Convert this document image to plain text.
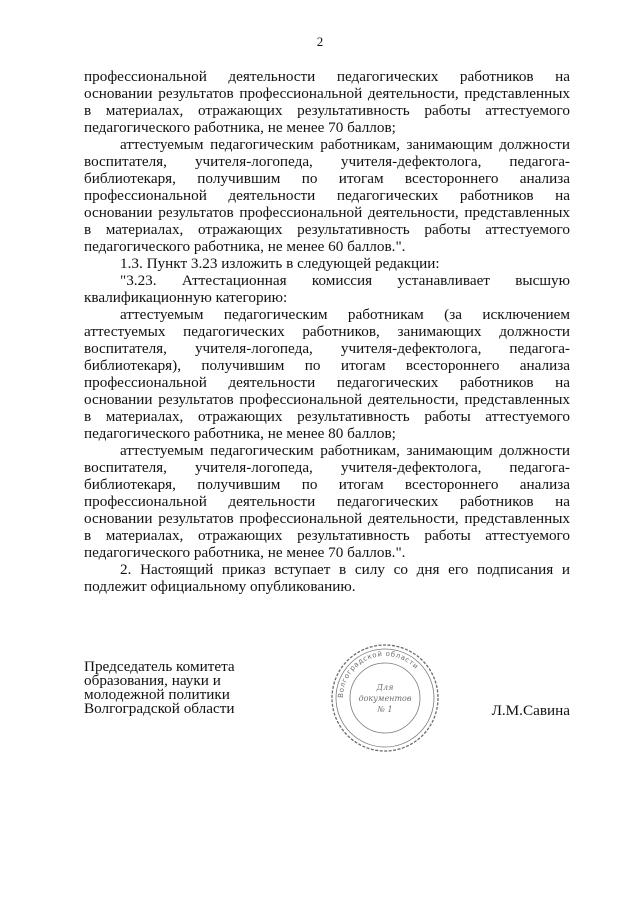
2

профессиональной деятельности педагогических работников на основании результатов профессиональной деятельности, представленных в материалах, отражающих результативность работы аттестуемого педагогического работника, не менее 70 баллов;

аттестуемым педагогическим работникам, занимающим должности воспитателя, учителя-логопеда, учителя-дефектолога, педагога-библиотекаря, получившим по итогам всестороннего анализа профессиональной деятельности педагогических работников на основании результатов профессиональной деятельности, представленных в материалах, отражающих результативность работы аттестуемого педагогического работника, не менее 60 баллов.".

1.3. Пункт 3.23 изложить в следующей редакции:

"3.23. Аттестационная комиссия устанавливает высшую квалификационную категорию:

аттестуемым педагогическим работникам (за исключением аттестуемых педагогических работников, занимающих должности воспитателя, учителя-логопеда, учителя-дефектолога, педагога-библиотекаря), получившим по итогам всестороннего анализа профессиональной деятельности педагогических работников на основании результатов профессиональной деятельности, представленных в материалах, отражающих результативность работы аттестуемого педагогического работника, не менее 80 баллов;

аттестуемым педагогическим работникам, занимающим должности воспитателя, учителя-логопеда, учителя-дефектолога, педагога-библиотекаря, получившим по итогам всестороннего анализа профессиональной деятельности педагогических работников на основании результатов профессиональной деятельности, представленных в материалах, отражающих результативность работы аттестуемого педагогического работника, не менее 70 баллов.".

2. Настоящий приказ вступает в силу со дня его подписания и подлежит официальному опубликованию.

Председатель комитета
образования, науки и
молодежной политики
Волгоградской области
Волгоградской области
Для
документов
№ 1	Л.М.Савина
